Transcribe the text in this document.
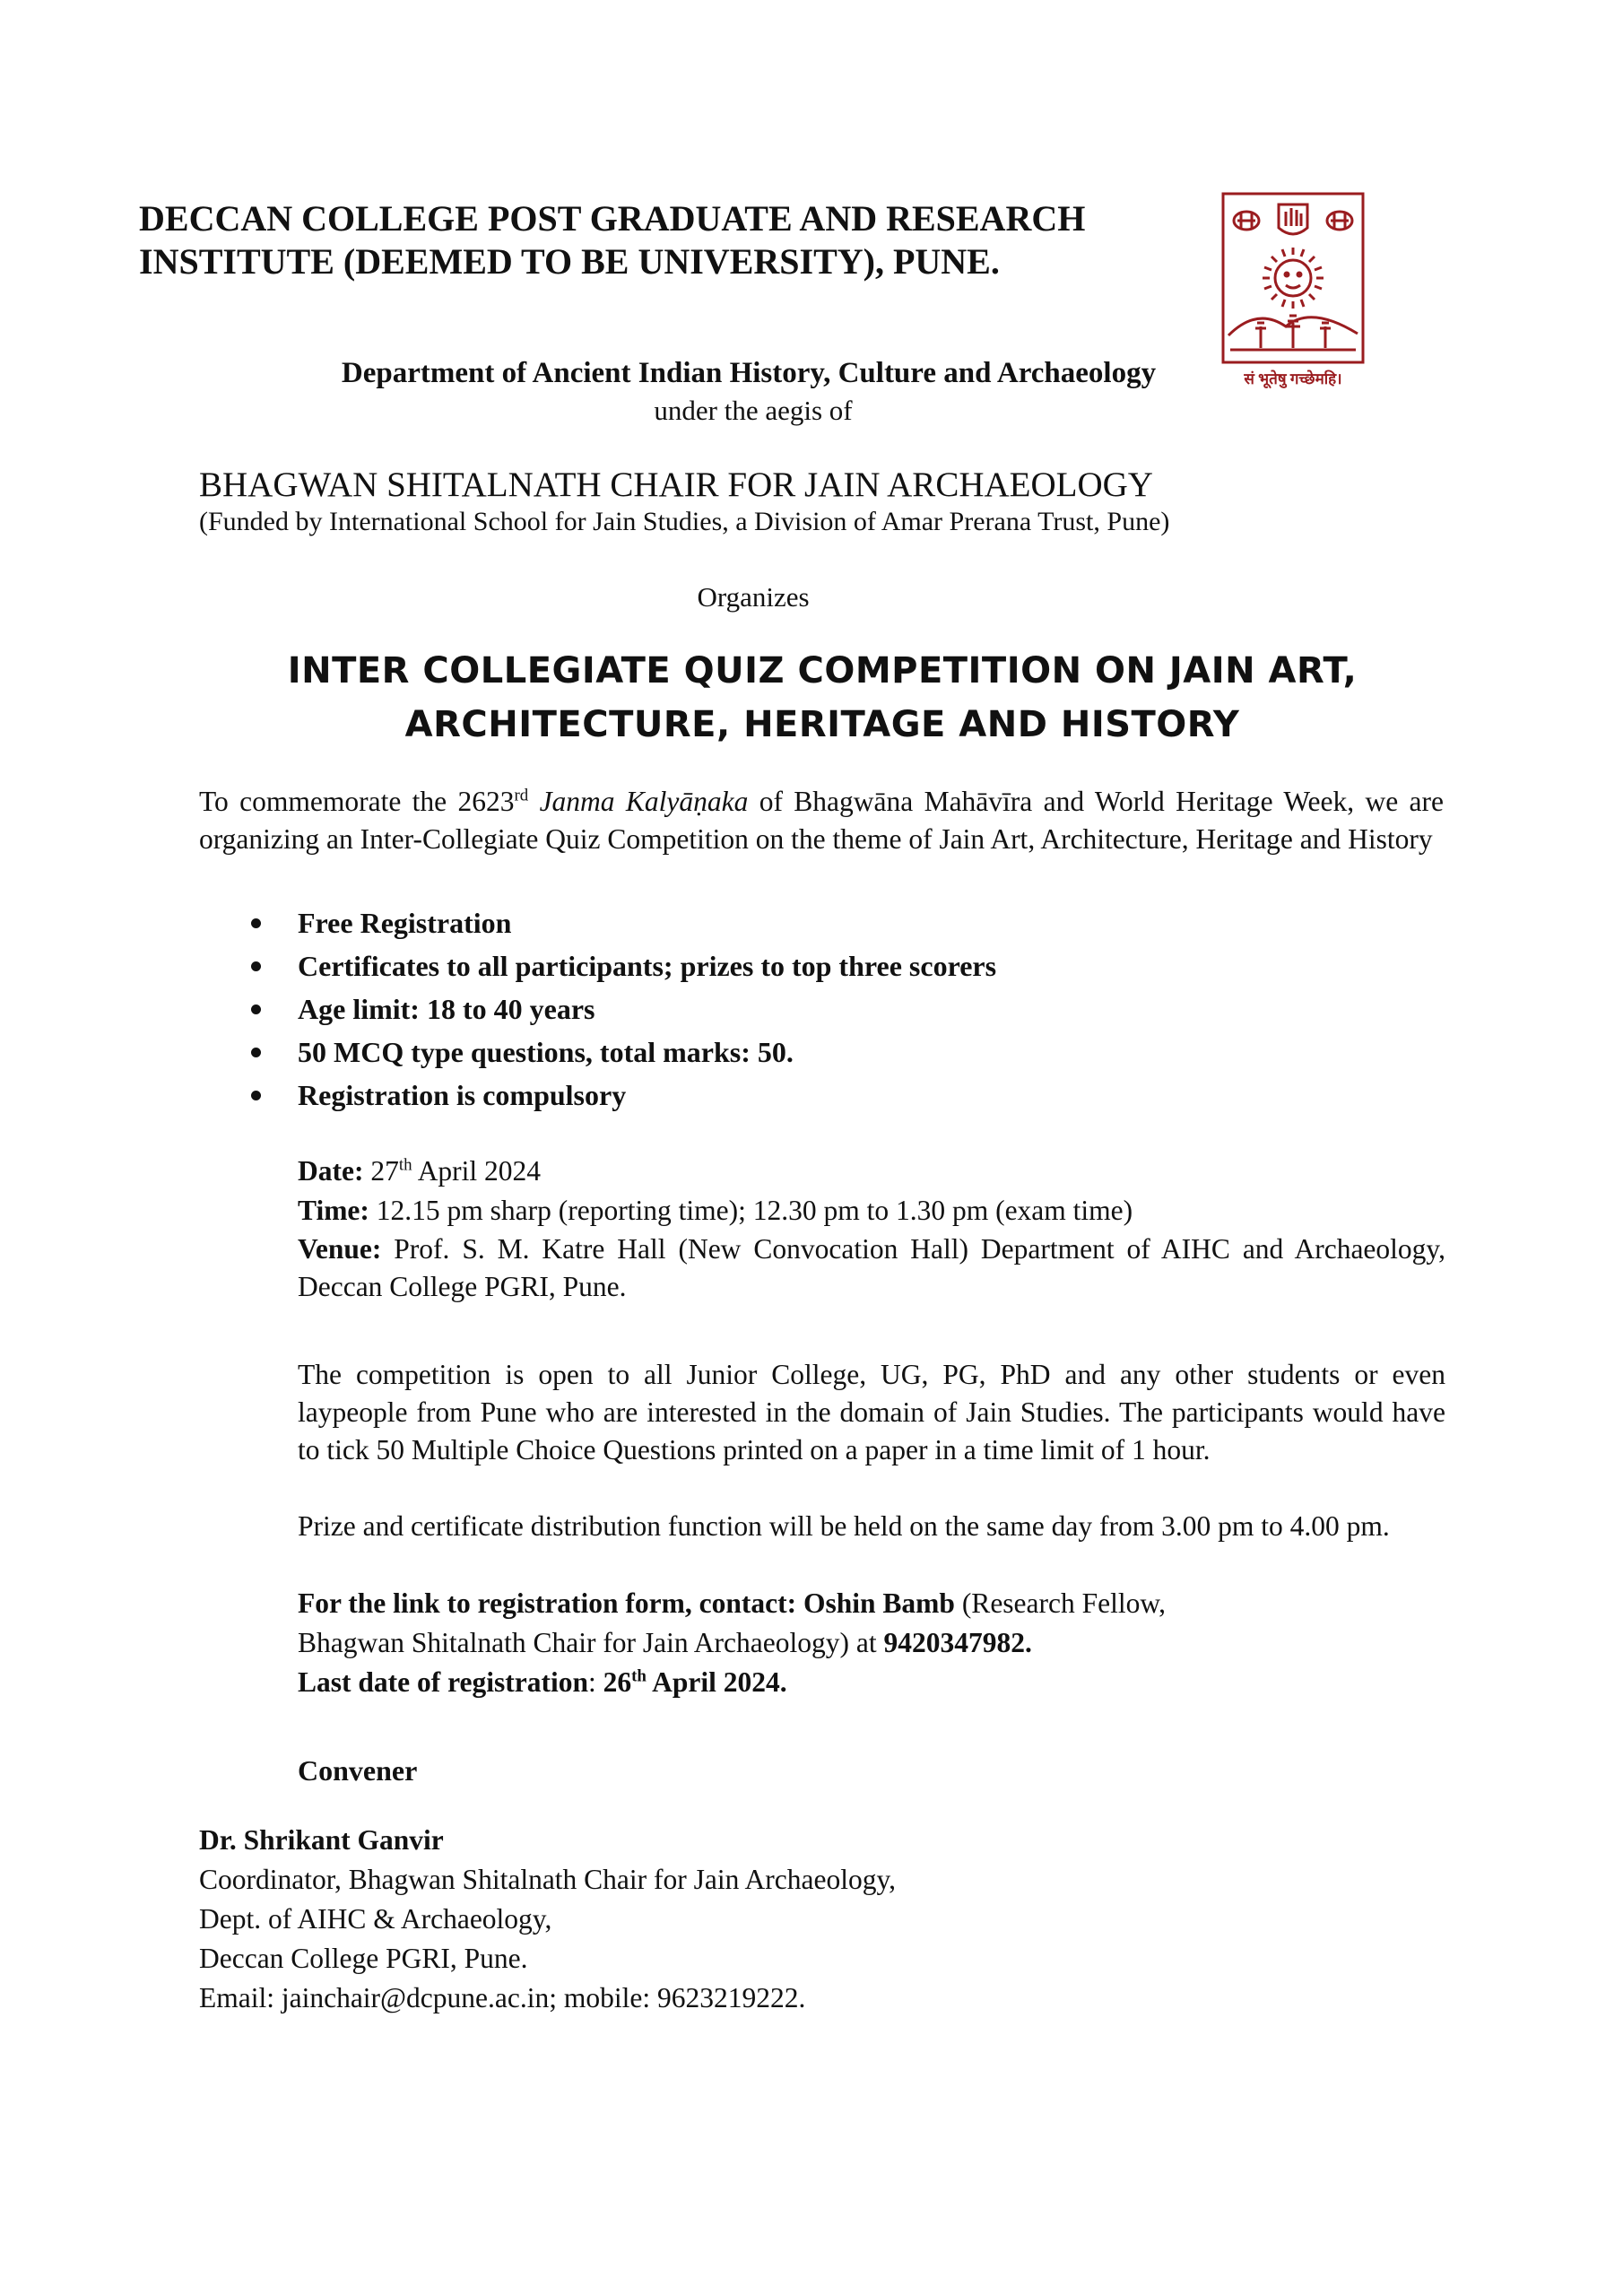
DECCAN COLLEGE POST GRADUATE AND RESEARCH
INSTITUTE (DEEMED TO BE UNIVERSITY), PUNE.
सं भूतेषु गच्छेमहि।
Department of Ancient Indian History, Culture and Archaeology
under the aegis of
BHAGWAN SHITALNATH CHAIR FOR JAIN ARCHAEOLOGY
(Funded by International School for Jain Studies, a Division of Amar Prerana Trust, Pune)
Organizes
INTER COLLEGIATE QUIZ COMPETITION ON JAIN ART,
ARCHITECTURE, HERITAGE AND HISTORY
To commemorate the 2623rd Janma Kalyāṇaka of Bhagwāna Mahāvīra and World Heritage Week, we are organizing an Inter-Collegiate Quiz Competition on the theme of Jain Art, Architecture, Heritage and History
Free Registration
Certificates to all participants; prizes to top three scorers
Age limit: 18 to 40 years
50 MCQ type questions, total marks: 50.
Registration is compulsory
Date: 27th April 2024
Time: 12.15 pm sharp (reporting time); 12.30 pm to 1.30 pm (exam time)
Venue: Prof. S. M. Katre Hall (New Convocation Hall) Department of AIHC and Archaeology, Deccan College PGRI, Pune.
The competition is open to all Junior College, UG, PG, PhD and any other students or even laypeople from Pune who are interested in the domain of Jain Studies. The participants would have to tick 50 Multiple Choice Questions printed on a paper in a time limit of 1 hour.
Prize and certificate distribution function will be held on the same day from 3.00 pm to 4.00 pm.
For the link to registration form, contact: Oshin Bamb (Research Fellow,
Bhagwan Shitalnath Chair for Jain Archaeology) at 9420347982.
Last date of registration: 26th April 2024.
Convener
Dr. Shrikant Ganvir
Coordinator, Bhagwan Shitalnath Chair for Jain Archaeology,
Dept. of AIHC & Archaeology,
Deccan College PGRI, Pune.
Email: jainchair@dcpune.ac.in; mobile: 9623219222.
